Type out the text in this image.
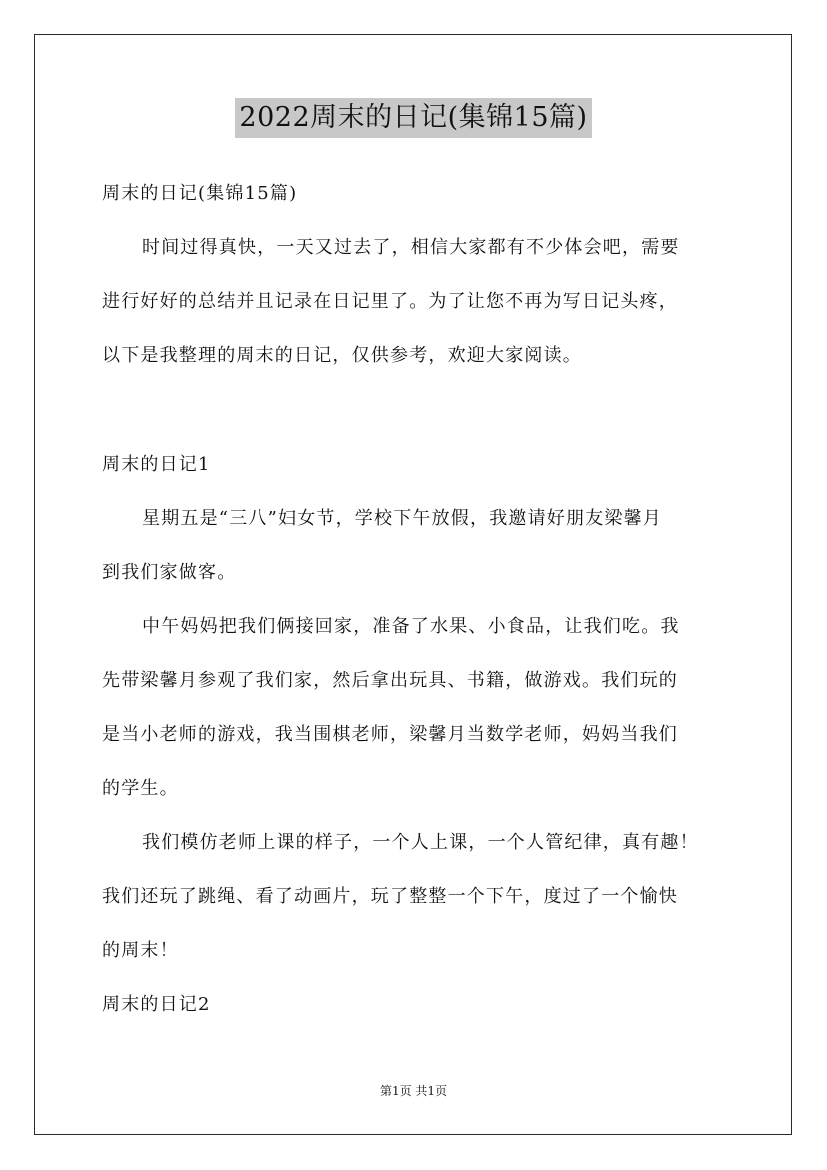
2022周末的日记(集锦15篇)
周末的日记(集锦15篇)
时间过得真快，一天又过去了，相信大家都有不少体会吧，需要
进行好好的总结并且记录在日记里了。为了让您不再为写日记头疼，
以下是我整理的周末的日记，仅供参考，欢迎大家阅读。
周末的日记1
星期五是“三八”妇女节，学校下午放假，我邀请好朋友梁馨月
到我们家做客。
中午妈妈把我们俩接回家，准备了水果、小食品，让我们吃。我
先带梁馨月参观了我们家，然后拿出玩具、书籍，做游戏。我们玩的
是当小老师的游戏，我当围棋老师，梁馨月当数学老师，妈妈当我们
的学生。
我们模仿老师上课的样子，一个人上课，一个人管纪律，真有趣！
我们还玩了跳绳、看了动画片，玩了整整一个下午，度过了一个愉快
的周末！
周末的日记2
第1页 共1页
